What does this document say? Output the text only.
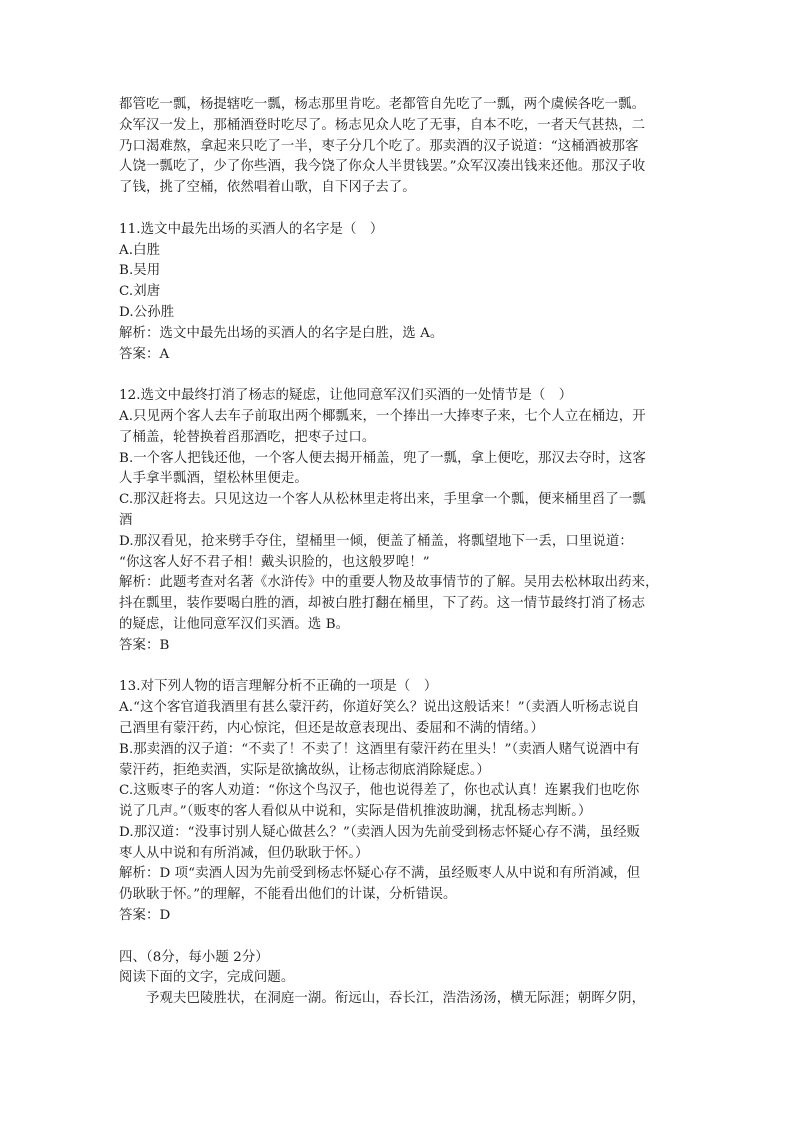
都管吃一瓢，杨提辖吃一瓢，杨志那里肯吃。老都管自先吃了一瓢，两个虞候各吃一瓢。
众军汉一发上，那桶酒登时吃尽了。杨志见众人吃了无事，自本不吃，一者天气甚热，二
乃口渴难熬，拿起来只吃了一半，枣子分几个吃了。那卖酒的汉子说道：“这桶酒被那客
人饶一瓢吃了，少了你些酒，我今饶了你众人半贯钱罢。”众军汉凑出钱来还他。那汉子收
了钱，挑了空桶，依然唱着山歌，自下冈子去了。
11.选文中最先出场的买酒人的名字是（　）
A.白胜
B.吴用
C.刘唐
D.公孙胜
解析：选文中最先出场的买酒人的名字是白胜，选 A。
答案：A
12.选文中最终打消了杨志的疑虑，让他同意军汉们买酒的一处情节是（　）
A.只见两个客人去车子前取出两个椰瓢来，一个捧出一大捧枣子来，七个人立在桶边，开
了桶盖，轮替换着舀那酒吃，把枣子过口。
B.一个客人把钱还他，一个客人便去揭开桶盖，兜了一瓢，拿上便吃，那汉去夺时，这客
人手拿半瓢酒，望松林里便走。
C.那汉赶将去。只见这边一个客人从松林里走将出来，手里拿一个瓢，便来桶里舀了一瓢
酒
D.那汉看见，抢来劈手夺住，望桶里一倾，便盖了桶盖，将瓢望地下一丢，口里说道：
“你这客人好不君子相！戴头识脸的，也这般罗唣！”
解析：此题考查对名著《水浒传》中的重要人物及故事情节的了解。吴用去松林取出药来，
抖在瓢里，装作要喝白胜的酒，却被白胜打翻在桶里，下了药。这一情节最终打消了杨志
的疑虑，让他同意军汉们买酒。选 B。
答案：B
13.对下列人物的语言理解分析不正确的一项是（　）
A.“这个客官道我酒里有甚么蒙汗药，你道好笑么？说出这般话来！”（卖酒人听杨志说自
己酒里有蒙汗药，内心惊诧，但还是故意表现出、委屈和不满的情绪。）
B.那卖酒的汉子道：“不卖了！不卖了！这酒里有蒙汗药在里头！”（卖酒人赌气说酒中有
蒙汗药，拒绝卖酒，实际是欲擒故纵，让杨志彻底消除疑虑。）
C.这贩枣子的客人劝道：“你这个鸟汉子，他也说得差了，你也忒认真！连累我们也吃你
说了几声。”（贩枣的客人看似从中说和，实际是借机推波助澜，扰乱杨志判断。）
D.那汉道：“没事讨别人疑心做甚么？”（卖酒人因为先前受到杨志怀疑心存不满，虽经贩
枣人从中说和有所消减，但仍耿耿于怀。）
解析：D 项“卖酒人因为先前受到杨志怀疑心存不满，虽经贩枣人从中说和有所消减，但
仍耿耿于怀。”的理解，不能看出他们的计谋，分析错误。
答案：D
四、（8分，每小题 2分）
阅读下面的文字，完成问题。
予观夫巴陵胜状，在洞庭一湖。衔远山，吞长江，浩浩汤汤，横无际涯；朝晖夕阴，
